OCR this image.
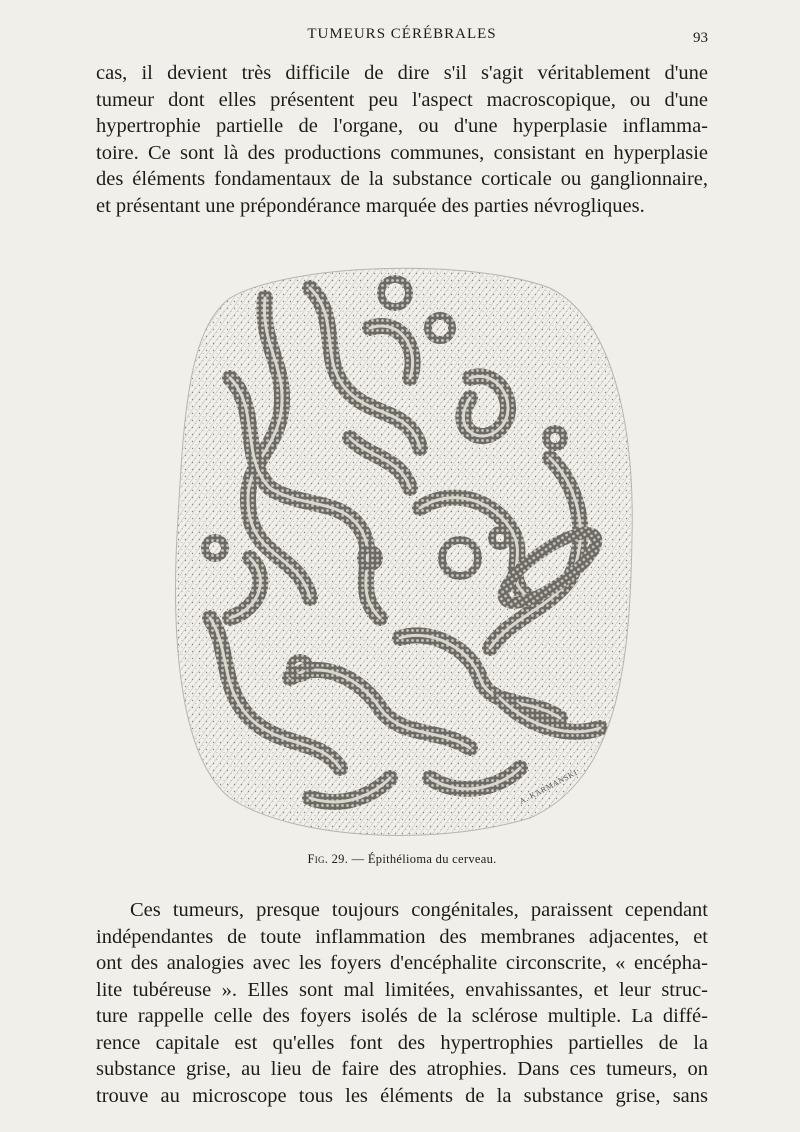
TUMEURS CÉRÉBRALES	93
cas, il devient très difficile de dire s'il s'agit véritablement d'une
tumeur dont elles présentent peu l'aspect macroscopique, ou d'une
hypertrophie partielle de l'organe, ou d'une hyperplasie inflamma-
toire. Ce sont là des productions communes, consistant en hyperplasie
des éléments fondamentaux de la substance corticale ou ganglionnaire,
et présentant une prépondérance marquée des parties névrogliques.
A. KARMANSKI
Fig. 29. — Épithélioma du cerveau.
Ces tumeurs, presque toujours congénitales, paraissent cependant
indépendantes de toute inflammation des membranes adjacentes, et
ont des analogies avec les foyers d'encéphalite circonscrite, « encépha-
lite tubéreuse ». Elles sont mal limitées, envahissantes, et leur struc-
ture rappelle celle des foyers isolés de la sclérose multiple. La diffé-
rence capitale est qu'elles font des hypertrophies partielles de la
substance grise, au lieu de faire des atrophies. Dans ces tumeurs, on
trouve au microscope tous les éléments de la substance grise, sans
